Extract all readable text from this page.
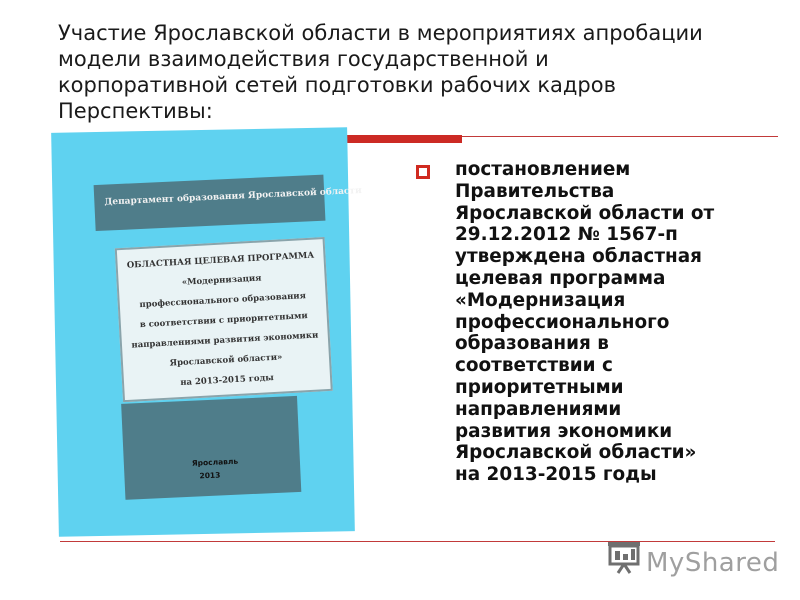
Участие Ярославской области в мероприятиях апробации
модели взаимодействия государственной и
корпоративной сетей подготовки рабочих кадров
Перспективы:
Департамент образования Ярославской области
ОБЛАСТНАЯ ЦЕЛЕВАЯ ПРОГРАММА
«Модернизация
профессионального образования
в соответствии с приоритетными
направлениями развития экономики
Ярославской области»
на 2013-2015 годы
Ярославль
2013
постановлением
Правительства
Ярославской области от
29.12.2012 № 1567-п
утверждена областная
целевая программа
«Модернизация
профессионального
образования в
соответствии с
приоритетными
направлениями
развития экономики
Ярославской области»
на 2013-2015 годы
MyShared
